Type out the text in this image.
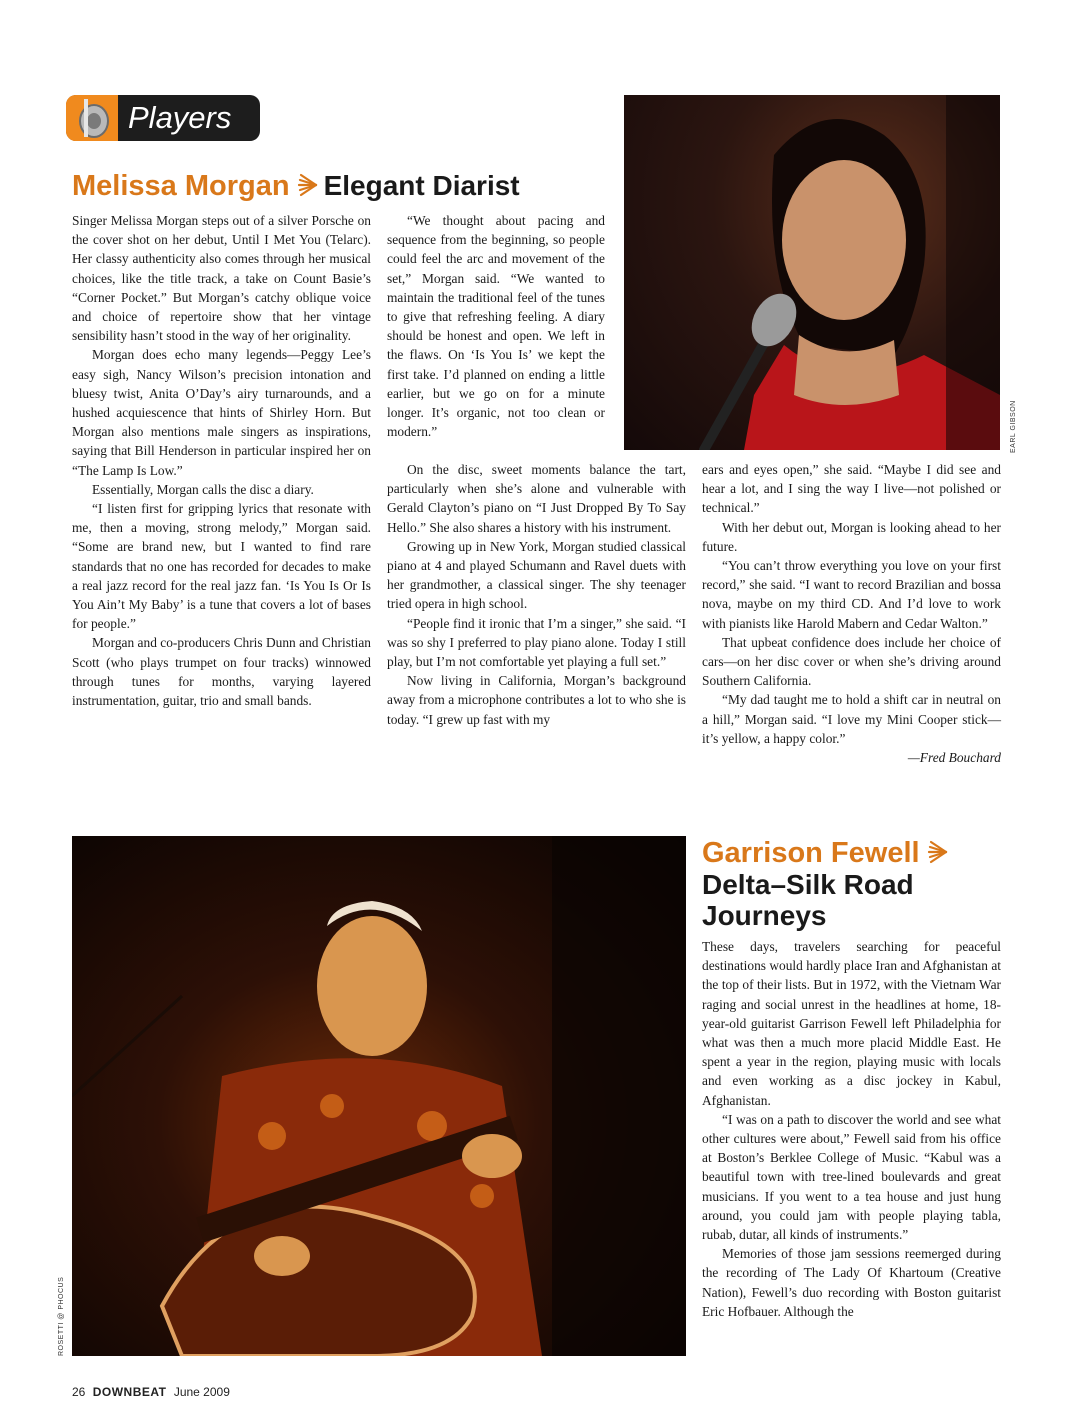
Players
Melissa Morgan Elegant Diarist
EARL GIBSON

Singer Melissa Morgan steps out of a silver Porsche on the cover shot on her debut, Until I Met You (Telarc). Her classy authenticity also comes through her musical choices, like the title track, a take on Count Basie’s “Corner Pocket.” But Morgan’s catchy oblique voice and choice of repertoire show that her vintage sensibility hasn’t stood in the way of her originality.

Morgan does echo many legends—Peggy Lee’s easy sigh, Nancy Wilson’s precision intonation and bluesy twist, Anita O’Day’s airy turnarounds, and a hushed acquiescence that hints of Shirley Horn. But Morgan also mentions male singers as inspirations, saying that Bill Henderson in particular inspired her on “The Lamp Is Low.”

Essentially, Morgan calls the disc a diary.

“I listen first for gripping lyrics that resonate with me, then a moving, strong melody,” Morgan said. “Some are brand new, but I wanted to find rare standards that no one has recorded for decades to make a real jazz record for the real jazz fan. ‘Is You Is Or Is You Ain’t My Baby’ is a tune that covers a lot of bases for people.”

Morgan and co-producers Chris Dunn and Christian Scott (who plays trumpet on four tracks) winnowed through tunes for months, varying layered instrumentation, guitar, trio and small bands.

“We thought about pacing and sequence from the beginning, so people could feel the arc and movement of the set,” Morgan said. “We wanted to maintain the traditional feel of the tunes to give that refreshing feeling. A diary should be honest and open. We left in the flaws. On ‘Is You Is’ we kept the first take. I’d planned on ending a little earlier, but we go on for a minute longer. It’s organic, not too clean or modern.”

On the disc, sweet moments balance the tart, particularly when she’s alone and vulnerable with Gerald Clayton’s piano on “I Just Dropped By To Say Hello.” She also shares a history with his instrument.

Growing up in New York, Morgan studied classical piano at 4 and played Schumann and Ravel duets with her grandmother, a classical singer. The shy teenager tried opera in high school.

“People find it ironic that I’m a singer,” she said. “I was so shy I preferred to play piano alone. Today I still play, but I’m not comfortable yet playing a full set.”

Now living in California, Morgan’s background away from a microphone contributes a lot to who she is today. “I grew up fast with my

ears and eyes open,” she said. “Maybe I did see and hear a lot, and I sing the way I live—not polished or technical.”

With her debut out, Morgan is looking ahead to her future.

“You can’t throw everything you love on your first record,” she said. “I want to record Brazilian and bossa nova, maybe on my third CD. And I’d love to work with pianists like Harold Mabern and Cedar Walton.”

That upbeat confidence does include her choice of cars—on her disc cover or when she’s driving around Southern California.

“My dad taught me to hold a shift car in neutral on a hill,” Morgan said. “I love my Mini Cooper stick—it’s yellow, a happy color.”

—Fred Bouchard

ROSETTI @ PHOCUS
Garrison Fewell
Delta–Silk Road
Journeys

These days, travelers searching for peaceful destinations would hardly place Iran and Afghanistan at the top of their lists. But in 1972, with the Vietnam War raging and social unrest in the headlines at home, 18-year-old guitarist Garrison Fewell left Philadelphia for what was then a much more placid Middle East. He spent a year in the region, playing music with locals and even working as a disc jockey in Kabul, Afghanistan.

“I was on a path to discover the world and see what other cultures were about,” Fewell said from his office at Boston’s Berklee College of Music. “Kabul was a beautiful town with tree-lined boulevards and great musicians. If you went to a tea house and just hung around, you could jam with people playing tabla, rubab, dutar, all kinds of instruments.”

Memories of those jam sessions reemerged during the recording of The Lady Of Khartoum (Creative Nation), Fewell’s duo recording with Boston guitarist Eric Hofbauer. Although the

26 DOWNBEAT June 2009
